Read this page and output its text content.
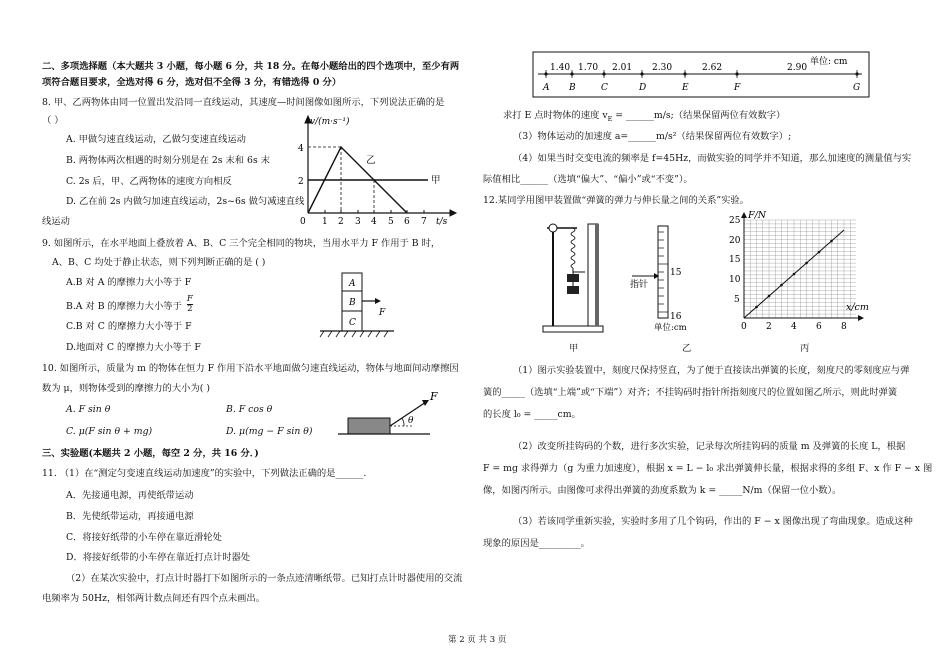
二、多项选择题（本大题共 3 小题，每小题 6 分，共 18 分。在每小题给出的四个选项中，至少有两
项符合题目要求，全选对得 6 分，选对但不全得 3 分，有错选得 0 分）
8. 甲、乙两物体由同一位置出发沿同一直线运动，其速度—时间图像如图所示，下列说法正确的是
（ ）
A. 甲做匀速直线运动，乙做匀变速直线运动
B. 两物体两次相遇的时刻分别是在 2s 末和 6s 末
C. 2s 后，甲、乙两物体的速度方向相反
D. 乙在前 2s 内做匀加速直线运动，2s~6s 做匀减速直线
线运动
v/(m·s⁻¹)
t/s
2
4
0 1 2 3 4 5 6 7
甲
乙
9. 如图所示，在水平地面上叠放着 A、B、C 三个完全相同的物块，当用水平力 F 作用于 B 时，
A、B、C 均处于静止状态，则下列判断正确的是 ( )
A.B 对 A 的摩擦力大小等于 F
B.A 对 B 的摩擦力大小等于 $\frac{F}{2}$
C.B 对 C 的摩擦力大小等于 F
D.地面对 C 的摩擦力大小等于 F
A
B
C
F
10. 如图所示，质量为 m 的物体在恒力 F 作用下沿水平地面做匀速直线运动，物体与地面间动摩擦因
数为 μ，则物体受到的摩擦力的大小为( )
A. F sin θ	B. F cos θ
C. μ(F sin θ + mg)	D. μ(mg − F sin θ)
F
θ
三、实验题(本题共 2 小题，每空 2 分，共 16 分．)
11. （1）在“测定匀变速直线运动加速度”的实验中，下列做法正确的是______.
A．先接通电源，再使纸带运动
B．先使纸带运动，再接通电源
C．将接好纸带的小车停在靠近滑轮处
D．将接好纸带的小车停在靠近打点计时器处
（2）在某次实验中，打点计时器打下如图所示的一条点迹清晰纸带。已知打点计时器使用的交流
电频率为 50Hz，相邻两计数点间还有四个点未画出。
1.40 1.70 2.01 2.30	2.62	2.90
单位: cm
A B	C	D	E	F	G
求打 E 点时物体的速度 $v_E$ = ______m/s;（结果保留两位有效数字）
（3）物体运动的加速度 a=______m/s²（结果保留两位有效数字）;
（4）如果当时交变电流的频率是 f=45Hz，而做实验的同学并不知道，那么加速度的测量值与实
际值相比______（选填“偏大”、“偏小”或“不变”）。
12.某同学用图甲装置做“弹簧的弹力与伸长量之间的关系”实验。
15
16
指针
单位:cm
F/N
x/cm
5
10
15
20
25
0 2 4 6 8
甲	乙	丙
（1）图示实验装置中，刻度尺保持竖直，为了便于直接读出弹簧的长度，刻度尺的零刻度应与弹
簧的_____（选填“上端”或“下端”）对齐；不挂钩码时指针所指刻度尺的位置如图乙所示，则此时弹簧
的长度 l₀ = _____cm。
（2）改变所挂钩码的个数，进行多次实验，记录每次所挂钩码的质量 m 及弹簧的长度 L，根据
F = mg 求得弹力（g 为重力加速度），根据 x = L − l₀ 求出弹簧伸长量，根据求得的多组 F、x 作 F − x 图
像，如图丙所示。由图像可求得出弹簧的劲度系数为 k = _____N/m（保留一位小数）。
（3）若该同学重新实验，实验时多用了几个钩码，作出的 F − x 图像出现了弯曲现象。造成这种
现象的原因是_________。
第 2 页 共 3 页
